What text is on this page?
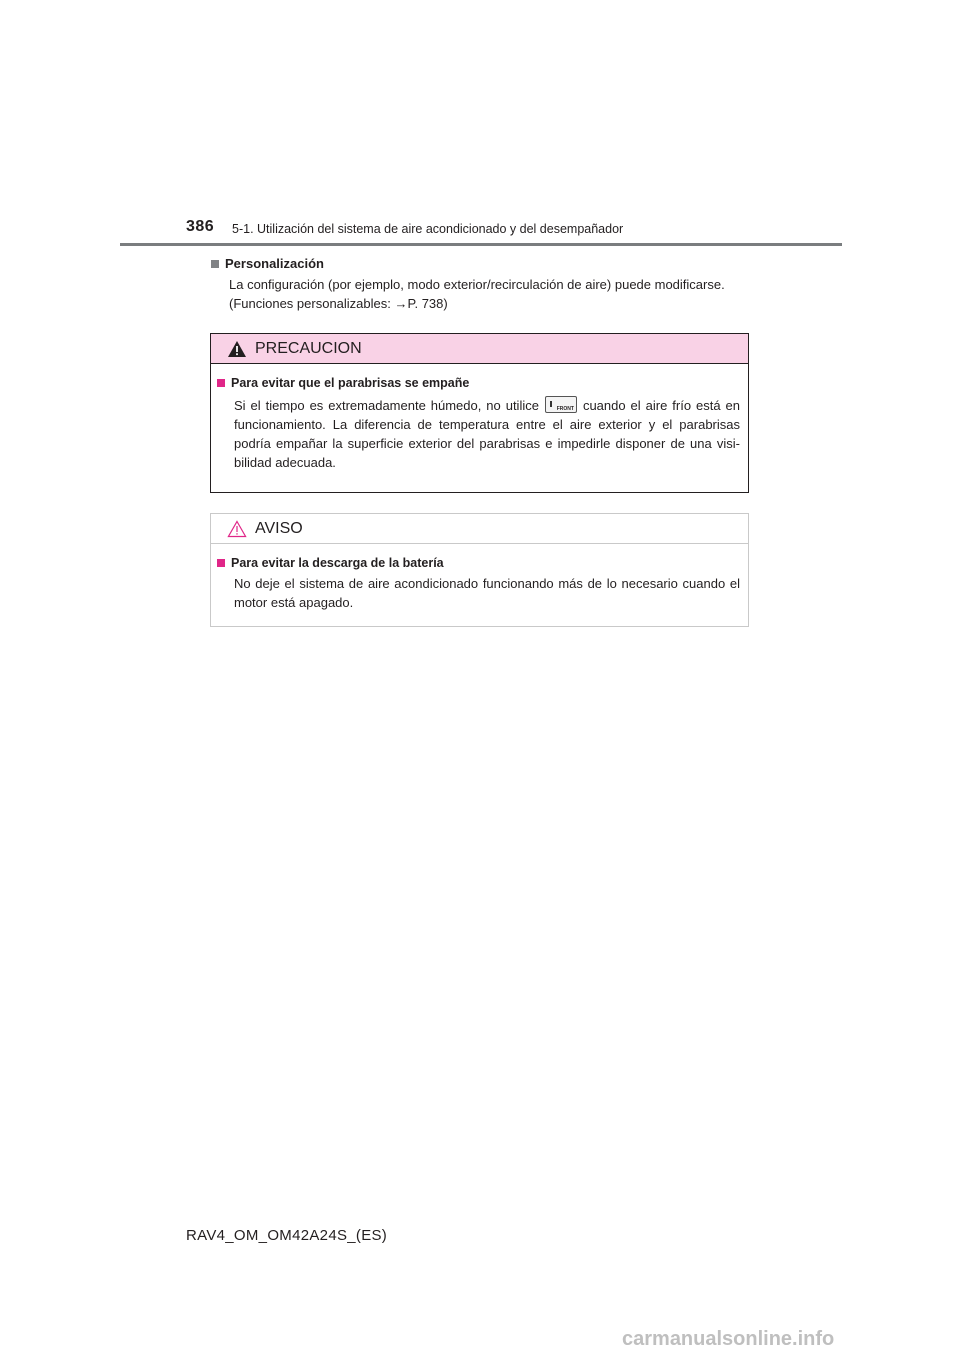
386 5-1. Utilización del sistema de aire acondicionado y del desempañador
Personalización
La configuración (por ejemplo, modo exterior/recirculación de aire) puede modificarse.
(Funciones personalizables: →P. 738)
PRECAUCION
Para evitar que el parabrisas se empañe
Si el tiempo es extremadamente húmedo, no utilice	FRONT cuando el aire frío está en funcionamiento. La diferencia de temperatura entre el aire exterior y el parabrisas podría empañar la superficie exterior del parabrisas e impedirle disponer de una visi-bilidad adecuada.
AVISO
Para evitar la descarga de la batería
No deje el sistema de aire acondicionado funcionando más de lo necesario cuando el motor está apagado.
RAV4_OM_OM42A24S_(ES)
carmanualsonline.info
